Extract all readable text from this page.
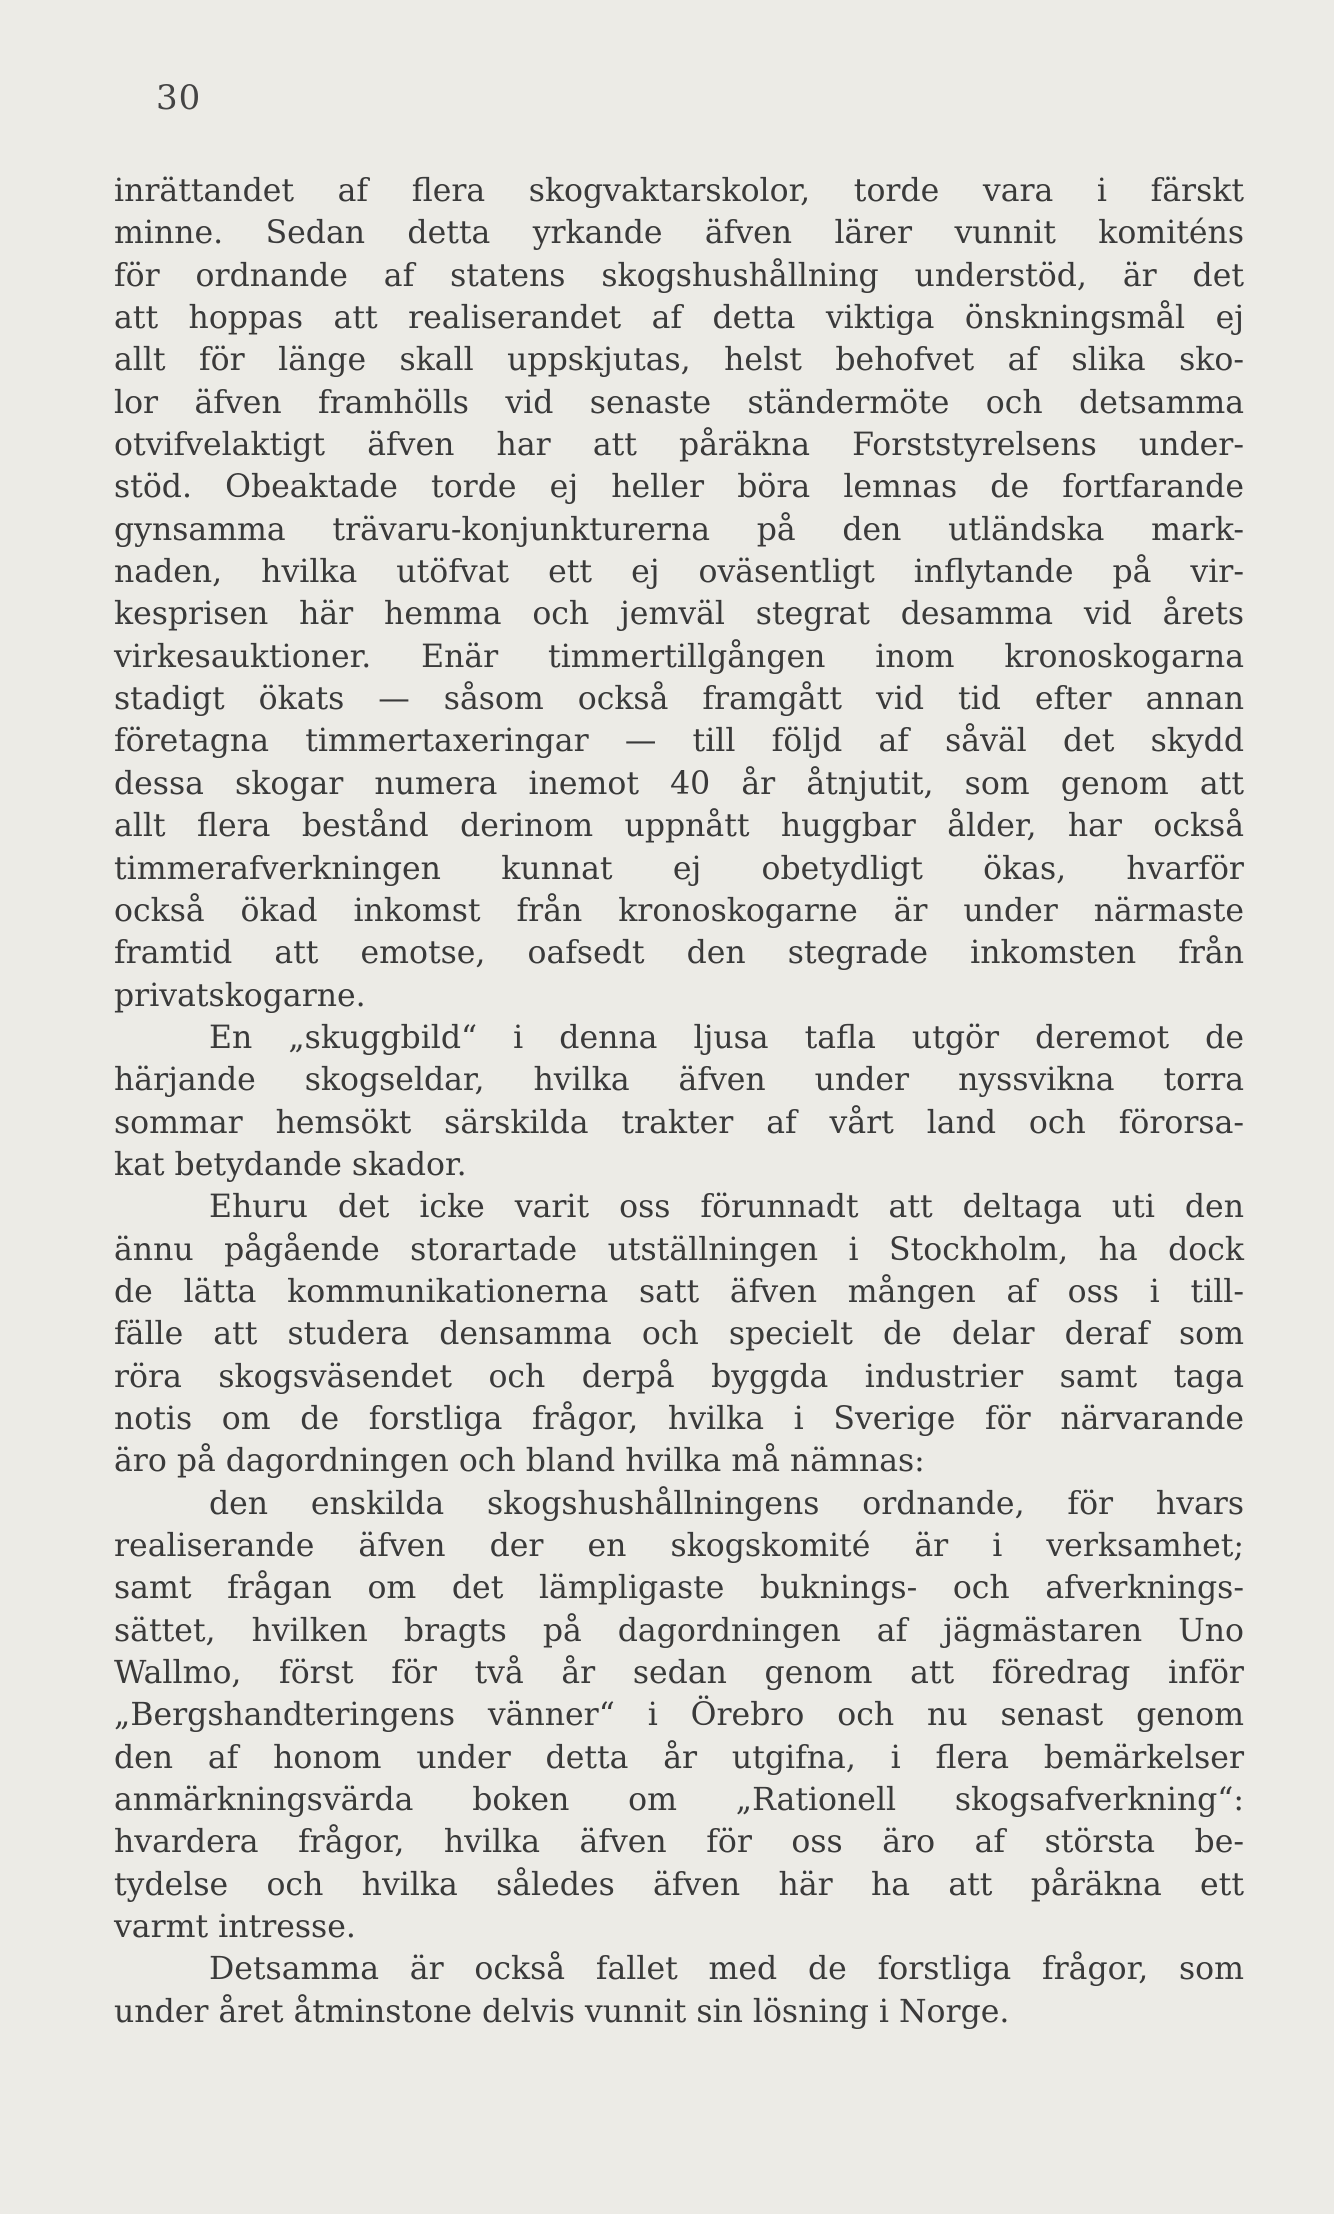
30
inrättandet af flera skogvaktarskolor, torde vara i färskt
minne. Sedan detta yrkande äfven lärer vunnit komiténs
för ordnande af statens skogshushållning understöd, är det
att hoppas att realiserandet af detta viktiga önskningsmål ej
allt för länge skall uppskjutas, helst behofvet af slika sko-
lor äfven framhölls vid senaste ständermöte och detsamma
otvifvelaktigt äfven har att påräkna Forststyrelsens under-
stöd. Obeaktade torde ej heller böra lemnas de fortfarande
gynsamma trävaru-konjunkturerna på den utländska mark-
naden, hvilka utöfvat ett ej oväsentligt inflytande på vir-
kesprisen här hemma och jemväl stegrat desamma vid årets
virkesauktioner. Enär timmertillgången inom kronoskogarna
stadigt ökats — såsom också framgått vid tid efter annan
företagna timmertaxeringar — till följd af såväl det skydd
dessa skogar numera inemot 40 år åtnjutit, som genom att
allt flera bestånd derinom uppnått huggbar ålder, har också
timmerafverkningen kunnat ej obetydligt ökas, hvarför
också ökad inkomst från kronoskogarne är under närmaste
framtid att emotse, oafsedt den stegrade inkomsten från
privatskogarne.
En „skuggbild“ i denna ljusa tafla utgör deremot de
härjande skogseldar, hvilka äfven under nyssvikna torra
sommar hemsökt särskilda trakter af vårt land och förorsa-
kat betydande skador.
Ehuru det icke varit oss förunnadt att deltaga uti den
ännu pågående storartade utställningen i Stockholm, ha dock
de lätta kommunikationerna satt äfven mången af oss i till-
fälle att studera densamma och specielt de delar deraf som
röra skogsväsendet och derpå byggda industrier samt taga
notis om de forstliga frågor, hvilka i Sverige för närvarande
äro på dagordningen och bland hvilka må nämnas:
den enskilda skogshushållningens ordnande, för hvars
realiserande äfven der en skogskomité är i verksamhet;
samt frågan om det lämpligaste buknings- och afverknings-
sättet, hvilken bragts på dagordningen af jägmästaren Uno
Wallmo, först för två år sedan genom att föredrag inför
„Bergshandteringens vänner“ i Örebro och nu senast genom
den af honom under detta år utgifna, i flera bemärkelser
anmärkningsvärda boken om „Rationell skogsafverkning“:
hvardera frågor, hvilka äfven för oss äro af största be-
tydelse och hvilka således äfven här ha att påräkna ett
varmt intresse.
Detsamma är också fallet med de forstliga frågor, som
under året åtminstone delvis vunnit sin lösning i Norge.
